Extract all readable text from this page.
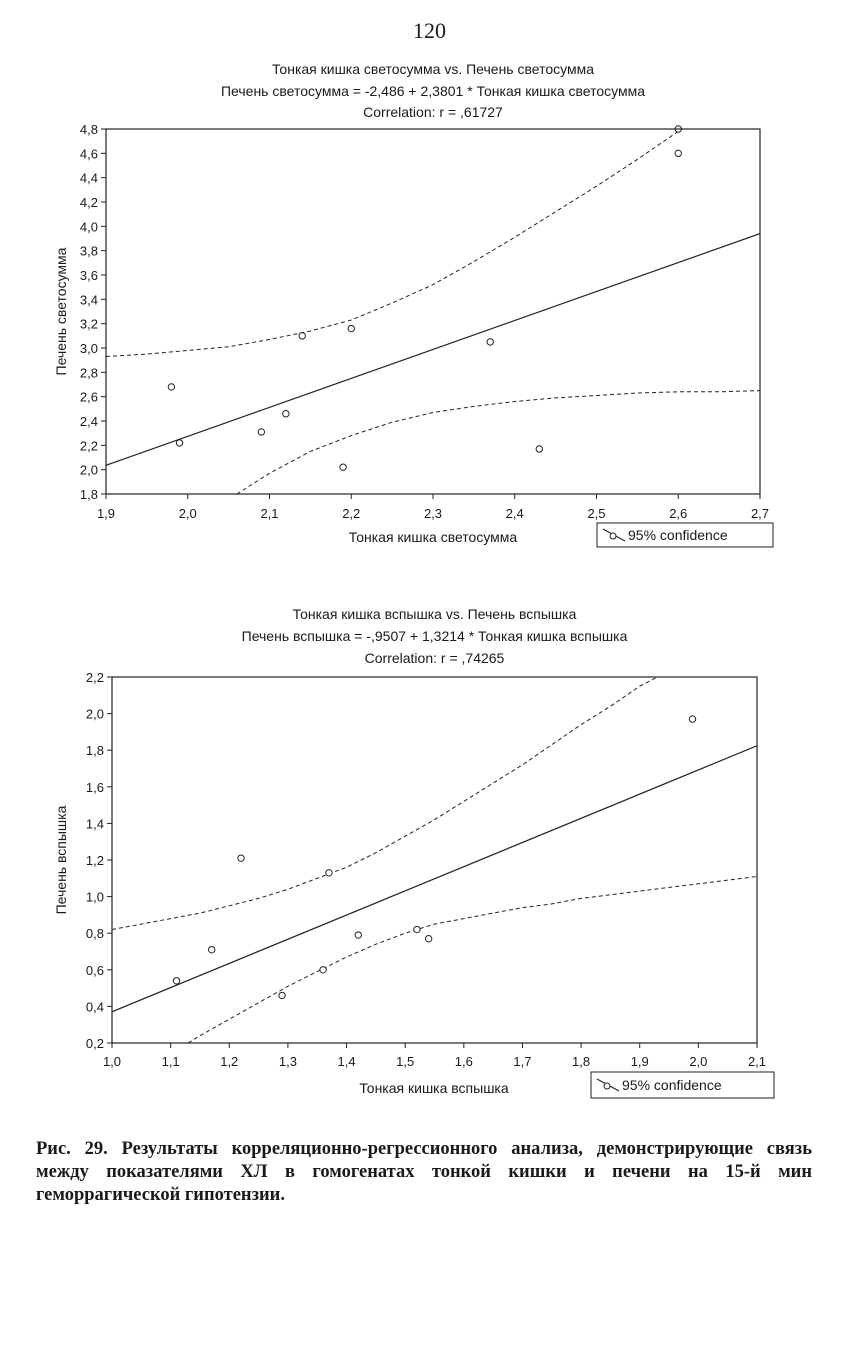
120
Тонкая кишка светосумма vs. Печень светосумма
Печень светосумма = -2,486 + 2,3801 * Тонкая кишка светосумма
Correlation: r = ,61727
1,9	2,0	2,1	2,2	2,3	2,4	2,5	2,6	2,7
1,8
2,0
2,2
2,4
2,6
2,8
3,0
3,2
3,4
3,6
3,8
4,0
4,2
4,4
4,6
4,8
Тонкая кишка светосумма
Печень светосумма
95% confidence
Тонкая кишка вспышка vs. Печень вспышка
Печень вспышка = -,9507 + 1,3214 * Тонкая кишка вспышка
Correlation: r = ,74265
1,0	1,1	1,2	1,3	1,4	1,5	1,6	1,7	1,8	1,9	2,0	2,1
0,2
0,4
0,6
0,8
1,0
1,2
1,4
1,6
1,8
2,0
2,2
Тонкая кишка вспышка
Печень вспышка
95% confidence
Рис. 29. Результаты корреляционно-регрессионного анализа, демонстрирующие связь между показателями ХЛ в гомогенатах тонкой кишки и печени на 15-й мин геморрагической гипотензии.
